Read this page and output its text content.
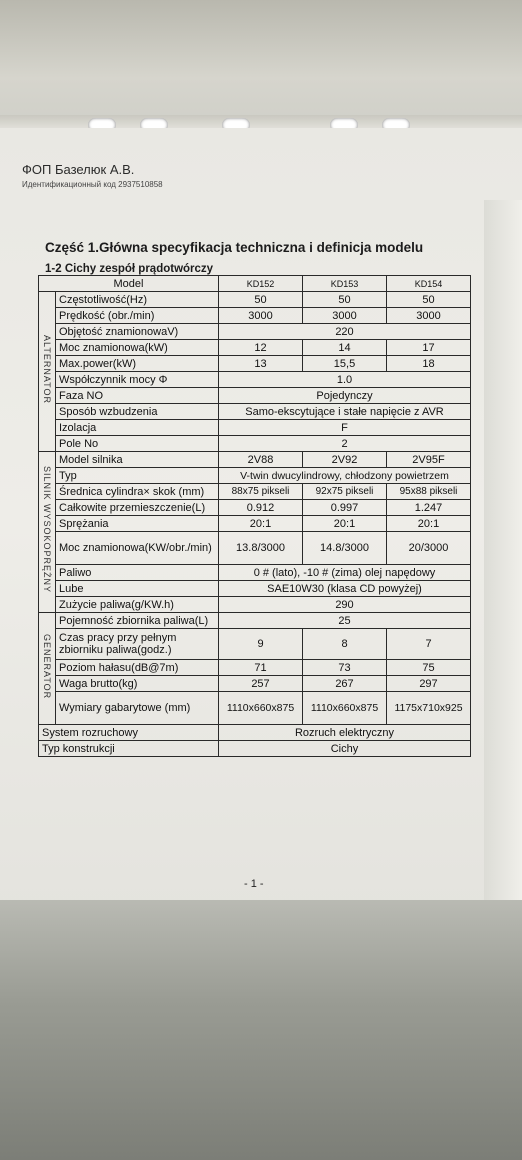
ФОП Базелюк А.В.
Идентификационный код 2937510858
Część 1.Główna specyfikacja techniczna i definicja modelu
1-2 Cichy zespół prądotwórczy
Model		KD152	KD153	KD154
ALTERNATOR	Częstotliwość(Hz)	50	50	50
	Prędkość (obr./min)	3000	3000	3000
	Objętość znamionowaV)	220		
	Moc znamionowa(kW)	12	14	17
	Max.power(kW)	13	15,5	18
	Współczynnik mocy Φ	1.0		
	Faza NO	Pojedynczy		
	Sposób wzbudzenia	Samo-ekscytujące i stałe napięcie z AVR		
	Izolacja	F		
	Pole No	2		
SILNIK WYSOKOPRĘŻNY	Model silnika	2V88	2V92	2V95F
	Typ	V-twin dwucylindrowy, chłodzony powietrzem		
	Średnica cylindra× skok (mm)	88x75 pikseli	92x75 pikseli	95x88 pikseli
	Całkowite przemieszczenie(L)	0.912	0.997	1.247
	Sprężania	20:1	20:1	20:1
	Moc znamionowa(KW/obr./min)	13.8/3000	14.8/3000	20/3000
	Paliwo	0 # (lato), -10 # (zima) olej napędowy		
	Lube	SAE10W30 (klasa CD powyżej)		
	Zużycie paliwa(g/KW.h)	290		
GENERATOR	Pojemność zbiornika paliwa(L)	25		
	Czas pracy przy pełnym zbiorniku paliwa(godz.)	9	8	7
	Poziom hałasu(dB@7m)	71	73	75
	Waga brutto(kg)	257	267	297
	Wymiary gabarytowe (mm)	1110x660x875	1110x660x875	1175x710x925
System rozruchowy		Rozruch elektryczny		
Typ konstrukcji		Cichy		
- 1 -
